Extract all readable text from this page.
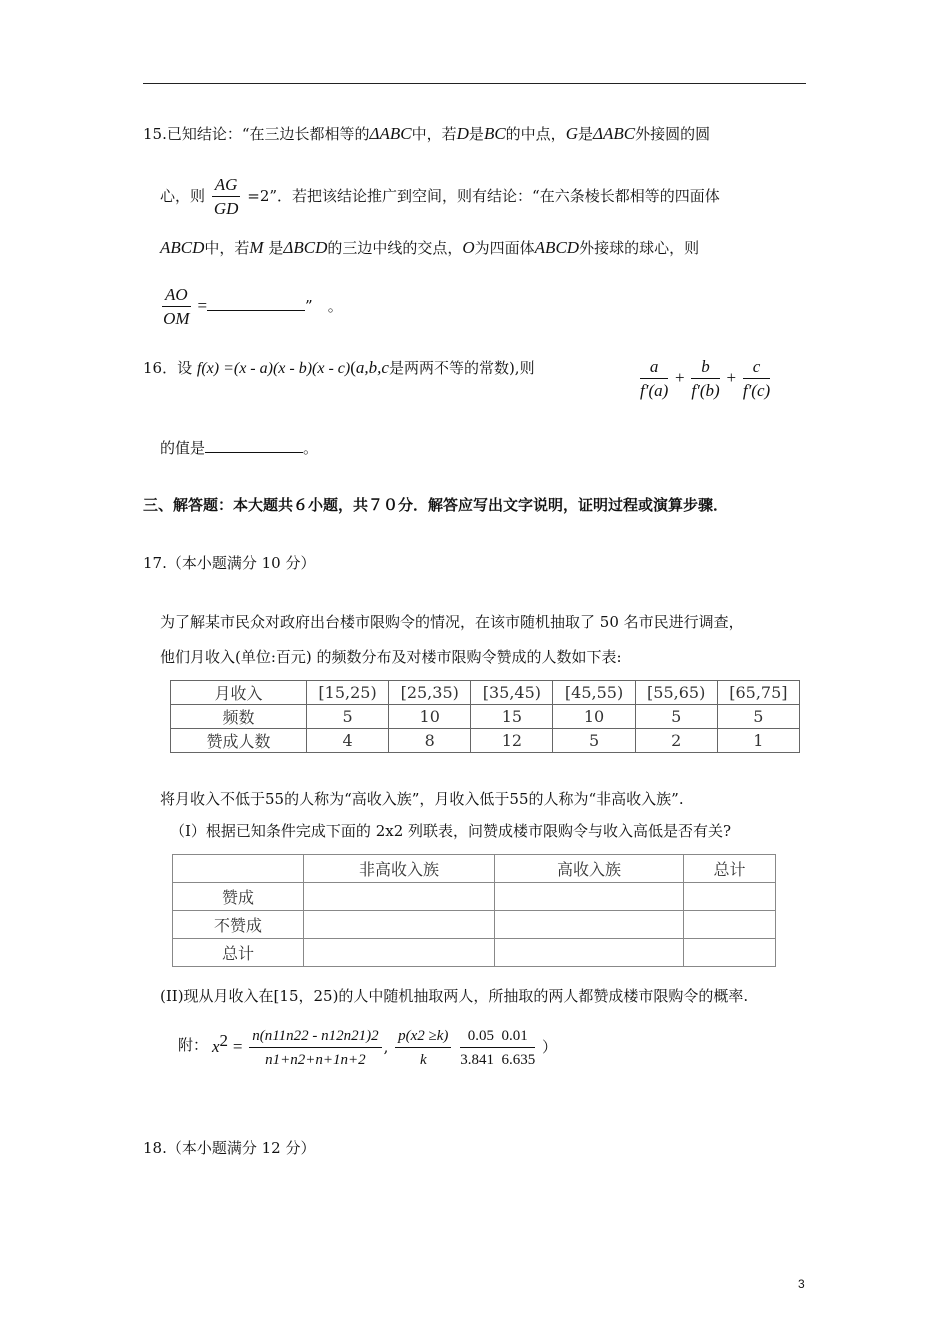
15.已知结论：“在三边长都相等的ΔABC中，若D是BC的中点，G是ΔABC外接圆的圆
心，则 $\frac{AG}{GD} =2$”．若把该结论推广到空间，则有结论：“在六条棱长都相等的四面体
ABCD中，若M 是ΔBCD的三边中线的交点，O为四面体ABCD外接球的球心，则
$\frac{AO}{OM}$ =	”　。
16．设 f(x) =(x - a)(x - b)(x - c)(a,b,c是两两不等的常数),则	$\frac{a}{f'(a)} + \frac{b}{f'(b)} + \frac{c}{f'(c)}$
的值是	。
三、解答题：本大题共６小题，共７０分．解答应写出文字说明，证明过程或演算步骤．
17.（本小题满分 10 分）
为了解某市民众对政府出台楼市限购令的情况，在该市随机抽取了 50 名市民进行调查，
他们月收入(单位:百元) 的频数分布及对楼市限购令赞成的人数如下表:
月收入	[15,25)	[25,35)	[35,45)	[45,55)	[55,65)	[65,75]
频数	5	10	15	10	5	5
赞成人数	4	8	12	5	2	1
将月收入不低于55的人称为“高收入族”，月收入低于55的人称为“非高收入族”.
（Ⅰ）根据已知条件完成下面的 2x2 列联表，问赞成楼市限购令与收入高低是否有关?
	非高收入族	高收入族	总计
赞成			
不赞成			
总计			
(II)现从月收入在[15，25)的人中随机抽取两人，所抽取的两人都赞成楼市限购令的概率.
附： $x^2 = \frac{n(n11n22 - n12n21)2}{n1+n2+n+1n+2}$ , $\frac{p(x2 \ge k)}{k}$
$\frac{0.05 0.01}{3.841 6.635}$ ）
18.（本小题满分 12 分）
3
